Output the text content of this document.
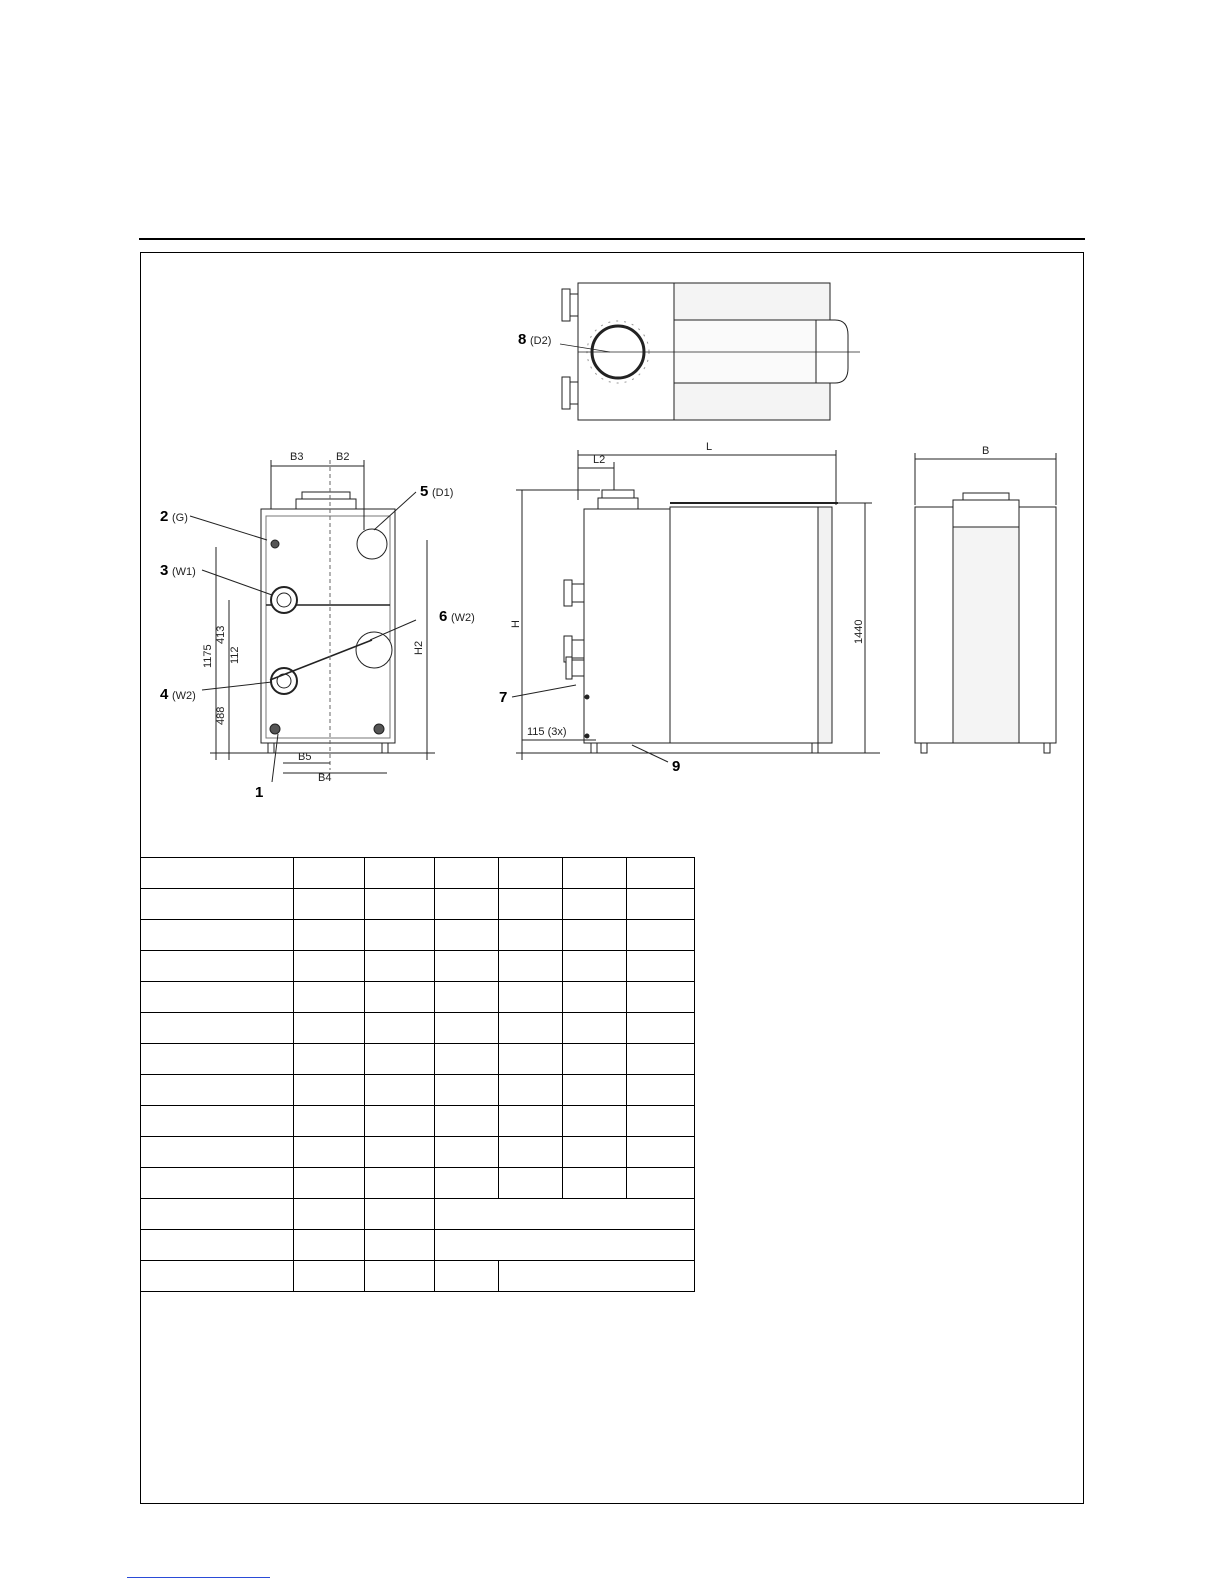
8 (D2)
B3	B2
413
112
1175
488
H2
B5
B4
1
2 (G)
3 (W1)
4 (W2)
5 (D1)
6 (W2)
L
L2
H	1440
115 (3x)
7
9
B
